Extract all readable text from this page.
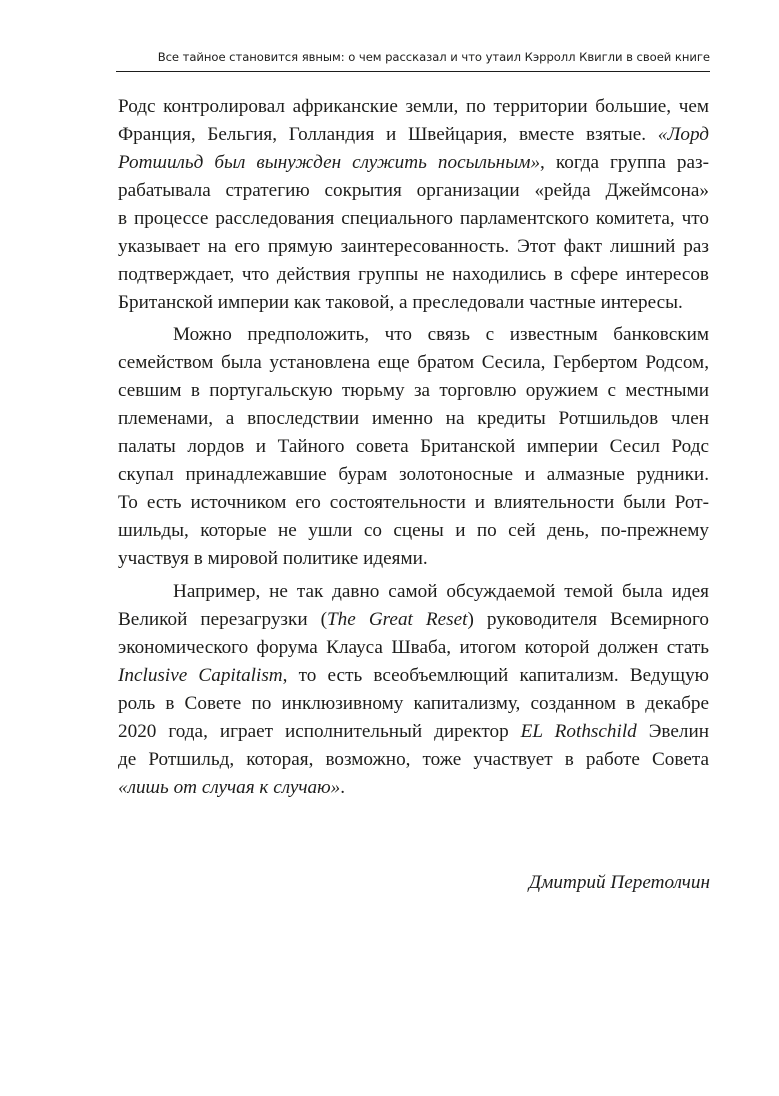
Все тайное становится явным: о чем рассказал и что утаил Кэрролл Квигли в своей книге
Родс контролировал африканские земли, по территории большие, чем
Франция, Бельгия, Голландия и Швейцария, вместе взятые. «Лорд
Ротшильд был вынужден служить посыльным», когда группа раз-
рабатывала стратегию сокрытия организации «рейда Джеймсона»
в процессе расследования специального парламентского комитета, что
указывает на его прямую заинтересованность. Этот факт лишний раз
подтверждает, что действия группы не находились в сфере интересов
Британской империи как таковой, а преследовали частные интересы.
Можно предположить, что связь с известным банковским
семейством была установлена еще братом Сесила, Гербертом Родсом,
севшим в португальскую тюрьму за торговлю оружием с местными
племенами, а впоследствии именно на кредиты Ротшильдов член
палаты лордов и Тайного совета Британской империи Сесил Родс
скупал принадлежавшие бурам золотоносные и алмазные рудники.
То есть источником его состоятельности и влиятельности были Рот-
шильды, которые не ушли со сцены и по сей день, по-прежнему
участвуя в мировой политике идеями.
Например, не так давно самой обсуждаемой темой была идея
Великой перезагрузки (The Great Reset) руководителя Всемирного
экономического форума Клауса Шваба, итогом которой должен стать
Inclusive Capitalism, то есть всеобъемлющий капитализм. Ведущую
роль в Совете по инклюзивному капитализму, созданном в декабре
2020 года, играет исполнительный директор EL Rothschild Эвелин
де Ротшильд, которая, возможно, тоже участвует в работе Совета
«лишь от случая к случаю».
Дмитрий Перетолчин
